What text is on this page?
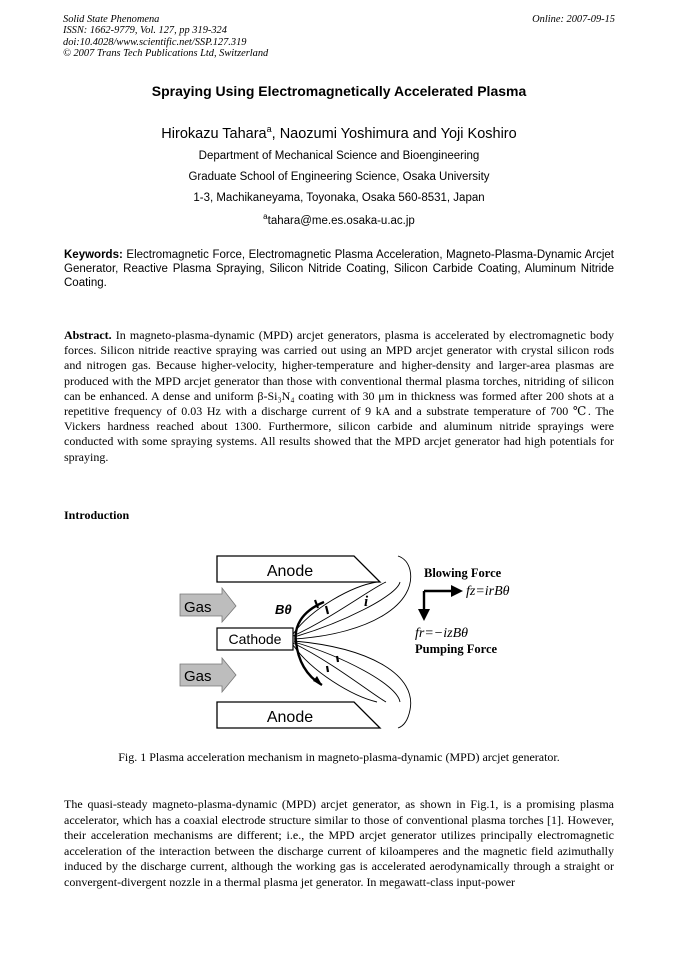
Solid State Phenomena
ISSN: 1662-9779, Vol. 127, pp 319-324
doi:10.4028/www.scientific.net/SSP.127.319
© 2007 Trans Tech Publications Ltd, Switzerland
Online: 2007-09-15
Spraying Using Electromagnetically Accelerated Plasma
Hirokazu Tahara$^a$, Naozumi Yoshimura and Yoji Koshiro
Department of Mechanical Science and Bioengineering
Graduate School of Engineering Science, Osaka University
1-3, Machikaneyama, Toyonaka, Osaka 560-8531, Japan
$^a$tahara@me.es.osaka-u.ac.jp
Keywords: Electromagnetic Force, Electromagnetic Plasma Acceleration, Magneto-Plasma-Dynamic Arcjet Generator, Reactive Plasma Spraying, Silicon Nitride Coating, Silicon Carbide Coating, Aluminum Nitride Coating.
Abstract. In magneto-plasma-dynamic (MPD) arcjet generators, plasma is accelerated by electromagnetic body forces. Silicon nitride reactive spraying was carried out using an MPD arcjet generator with crystal silicon rods and nitrogen gas. Because higher-velocity, higher-temperature and higher-density and larger-area plasmas are produced with the MPD arcjet generator than those with conventional thermal plasma torches, nitriding of silicon can be enhanced. A dense and uniform β-Si₃N₄ coating with 30 μm in thickness was formed after 200 shots at a repetitive frequency of 0.03 Hz with a discharge current of 9 kA and a substrate temperature of 700 ℃. The Vickers hardness reached about 1300. Furthermore, silicon carbide and aluminum nitride sprayings were conducted with some spraying systems. All results showed that the MPD arcjet generator had high potentials for spraying.
Introduction
Anode
Anode
Gas
Gas
Cathode
Bθ	i
Blowing Force
fz=irBθ
fr=−izBθ
Pumping Force
Fig. 1 Plasma acceleration mechanism in magneto-plasma-dynamic (MPD) arcjet generator.
The quasi-steady magneto-plasma-dynamic (MPD) arcjet generator, as shown in Fig.1, is a promising plasma accelerator, which has a coaxial electrode structure similar to those of conventional plasma torches [1]. However, their acceleration mechanisms are different; i.e., the MPD arcjet generator utilizes principally electromagnetic acceleration of the interaction between the discharge current of kiloamperes and the magnetic field azimuthally induced by the discharge current, although the working gas is accelerated aerodynamically through a straight or convergent-divergent nozzle in a thermal plasma jet generator. In megawatt-class input-power
